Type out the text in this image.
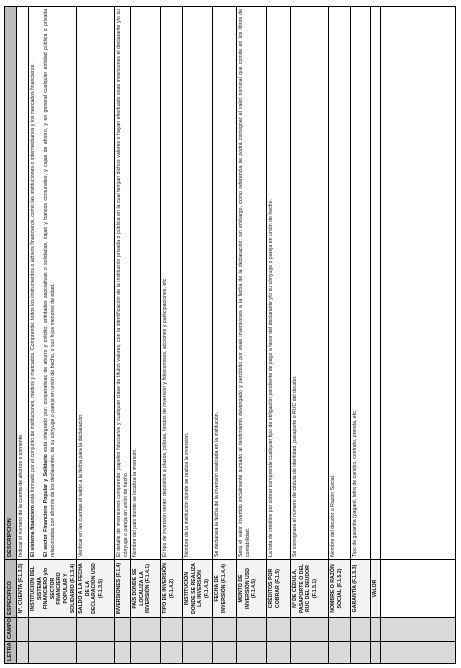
LETRA
CAMPO
ESPECIFICO
DESCRIPCION
Nº. CUENTA (F.1.3.3)
Indicar el número de la cuenta de ahorros o corriente.
INSTITUCION DEL SISTEMA FINANCIERO y/o SECTOR FINANCIERO POPULAR Y SOLIDARIO (F.1.3.4)
El sistema financiero está formado por el conjunto de instituciones, medios y mercados. Comprende: todos los instrumentos o activos financieros, como las instituciones o intermediarios y los mercados financieros.

El sector Financiero Popular y Solidario está integrado por: cooperativas de ahorro y crédito, entidades asociativas o solidarias, cajas y bancos comunales, y cajas de ahorro, y en general cualquier entidad pública o privada relacionadas con ahorros de los declarantes, de su cónyuge o pareja en unión de hecho, o sus hijos menores de edad.
SALDO A LA FECHA DE LA DECLARACIÓN USD (F.1.3.5)
Verificar en las cuentas el saldo a la fecha para la declaración.
INVERSIONES (F.1.4)
El detalle de inversiones comprende: papeles fiduciarios y cualquier clase de títulos valores, con la identificación de la institución privada o pública en la cual tengan dichos valores o hayan efectuado esas inversiones el declarante y/o su cónyuge o pareja en unión de hecho.
PAÍS DONDE SE LOCALIZA LA INVERSIÓN (F.1.4.1)
Nombre del país donde se localiza la inversión.
TIPO DE INVERSIÓN (F.1.4.2)
El tipo de inversión serán: depósitos a plazos, pólizas, fondos de inversión y fideicomisos, acciones y participaciones, etc.
INSTITUCIÓN DONDE SE REALIZA LA INVERSIÓN (F.1.4.3)
Nombre de la institución donde se realiza la inversión.
FECHA DE INVERSIÓN (F.1.4.4)
Se declarará la fecha de la inversión realizada en la institución.
MONTO DE INVERSIÓN USD (F.1.4.5)
Será el valor invertido inicialmente sumado al rendimiento devengado y percibido por esas inversiones a la fecha de la declaración; sin embargo, como referencia se podrá consignar el valor nominal que conste en los libros de contabilidad.
CRÉDITOS POR COBRAR (F.1.5)
La lista de créditos por cobrar comprende cualquier tipo de obligación pendiente de pago a favor del declarante y/o su cónyuge o pareja en unión de hecho.
Nº DE CÉDULA, PASAPORTE O DEL RUC DEL DEUDOR (F.1.5.1)
Se consignará el número de cédula de identidad, pasaporte o RUC del deudor.
NOMBRE O RAZÓN SOCIAL (F.1.5.2)
Nombre del deudor o Razón Social.
GARANTÍA (F.1.5.3)
Tipo de garantía (pagaré, letra de cambio, contrato, prenda, etc.
VALOR
